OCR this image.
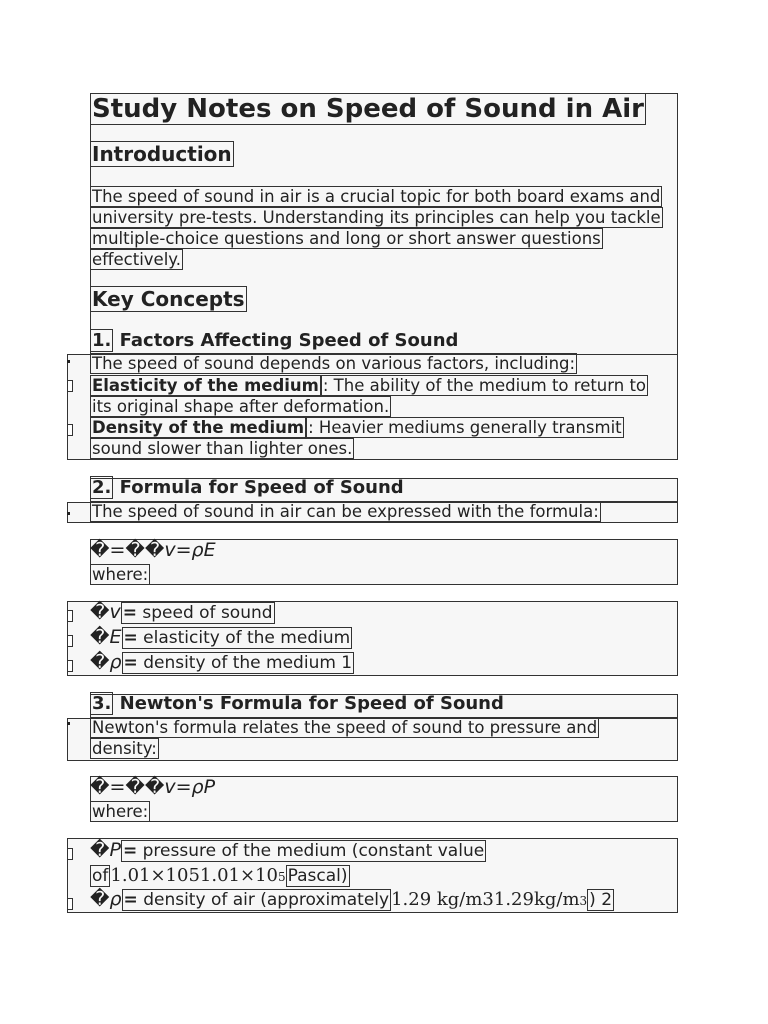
Study Notes on Speed of Sound in Air
Introduction
The speed of sound in air is a crucial topic for both board exams and
university pre-tests. Understanding its principles can help you tackle
multiple-choice questions and long or short answer questions
effectively.
Key Concepts
1. Factors Affecting Speed of Sound
The speed of sound depends on various factors, including:
Elasticity of the medium : The ability of the medium to return to
its original shape after deformation.
Density of the medium : Heavier mediums generally transmit
sound slower than lighter ones.
2. Formula for Speed of Sound
The speed of sound in air can be expressed with the formula:
�=��v=ρE
where:
�v = speed of sound
�E = elasticity of the medium
�ρ = density of the medium 1
3. Newton's Formula for Speed of Sound
Newton's formula relates the speed of sound to pressure and
density:
�=��v=ρP
where:
�P = pressure of the medium (constant value
of 1.01×1051.01×105 Pascal)
�ρ = density of air (approximately 1.29 kg/m31.29kg/m3 ) 2
